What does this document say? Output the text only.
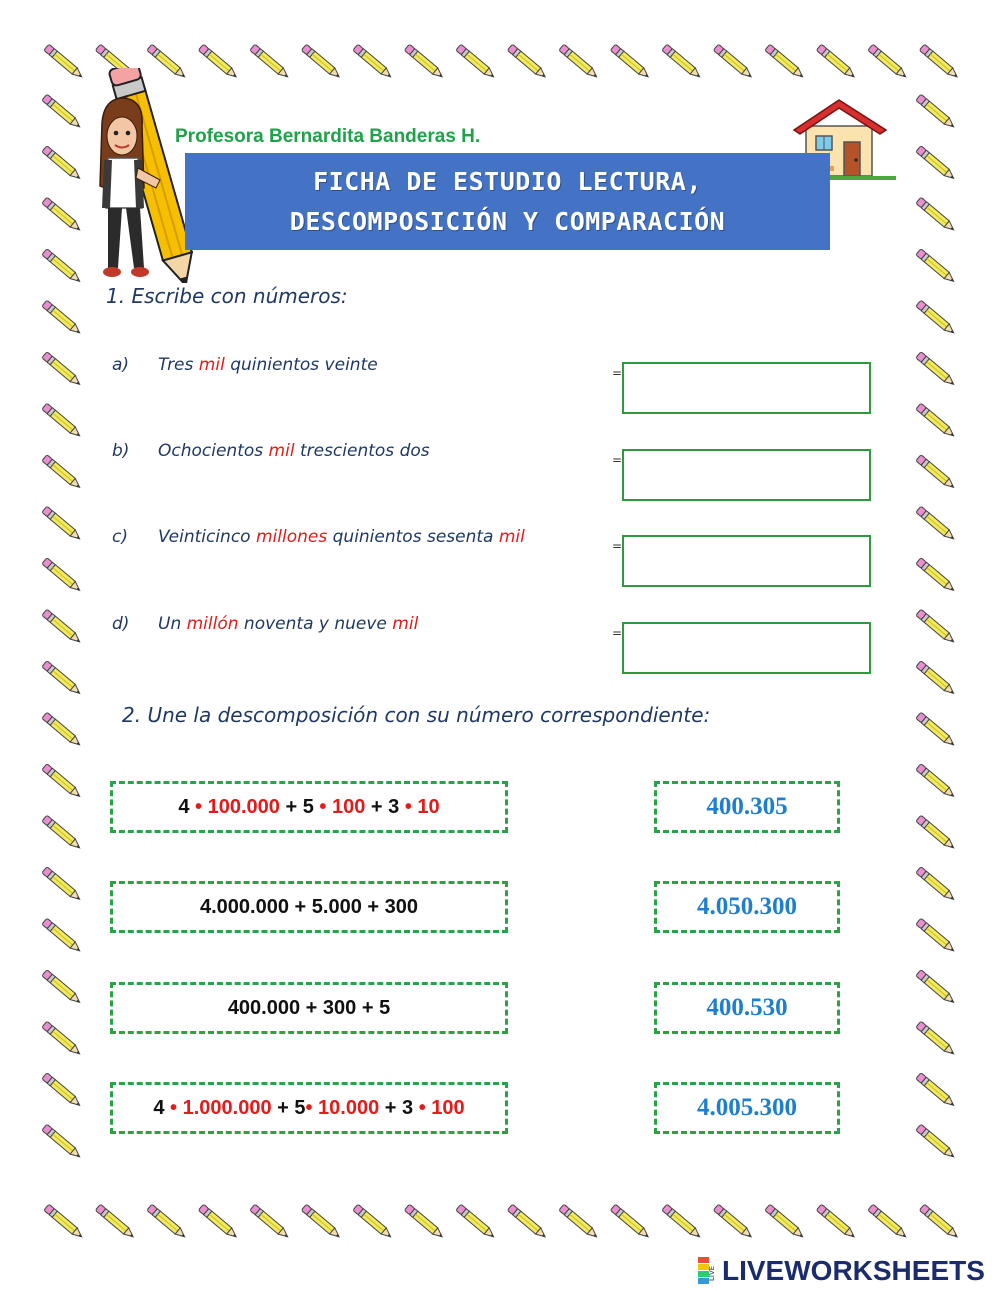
Profesora Bernardita Banderas H.
FICHA DE ESTUDIO LECTURA,
DESCOMPOSICIÓN Y COMPARACIÓN
1. Escribe con números:
a) Tres mil quinientos veinte	=
b) Ochocientos mil trescientos dos	=
c) Veinticinco millones quinientos sesenta mil	=
d) Un millón noventa y nueve mil	=
2. Une la descomposición con su número correspondiente:
4 • 100.000 + 5 • 100 + 3 • 10
4.000.000 + 5.000 + 300
400.000 + 300 + 5
4 • 1.000.000 + 5 • 10.000 + 3 • 100
400.305
4.050.300
400.530
4.005.300
LIVE LIVEWORKSHEETS
